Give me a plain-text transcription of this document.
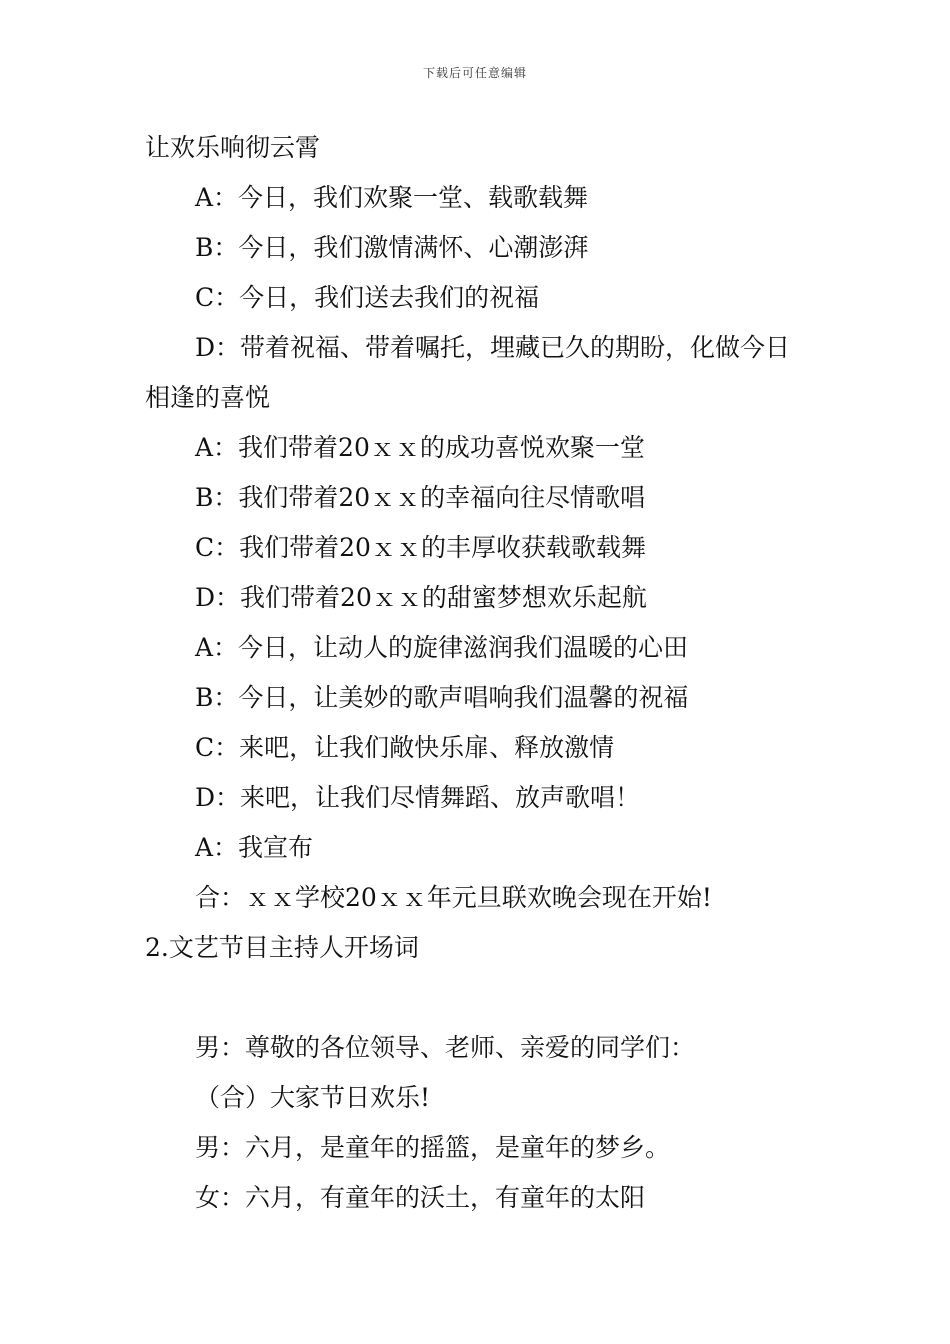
下载后可任意编辑
让欢乐响彻云霄
A：今日，我们欢聚一堂、载歌载舞
B：今日，我们激情满怀、心潮澎湃
C：今日，我们送去我们的祝福
D：带着祝福、带着嘱托，埋藏已久的期盼，化做今日
相逢的喜悦
A：我们带着20ｘｘ的成功喜悦欢聚一堂
B：我们带着20ｘｘ的幸福向往尽情歌唱
C：我们带着20ｘｘ的丰厚收获载歌载舞
D：我们带着20ｘｘ的甜蜜梦想欢乐起航
A：今日，让动人的旋律滋润我们温暖的心田
B：今日，让美妙的歌声唱响我们温馨的祝福
C：来吧，让我们敞快乐扉、释放激情
D：来吧，让我们尽情舞蹈、放声歌唱！
A：我宣布
合：ｘｘ学校20ｘｘ年元旦联欢晚会现在开始!
2.文艺节目主持人开场词
男：尊敬的各位领导、老师、亲爱的同学们：
（合）大家节日欢乐!
男：六月，是童年的摇篮，是童年的梦乡。
女：六月，有童年的沃土，有童年的太阳
